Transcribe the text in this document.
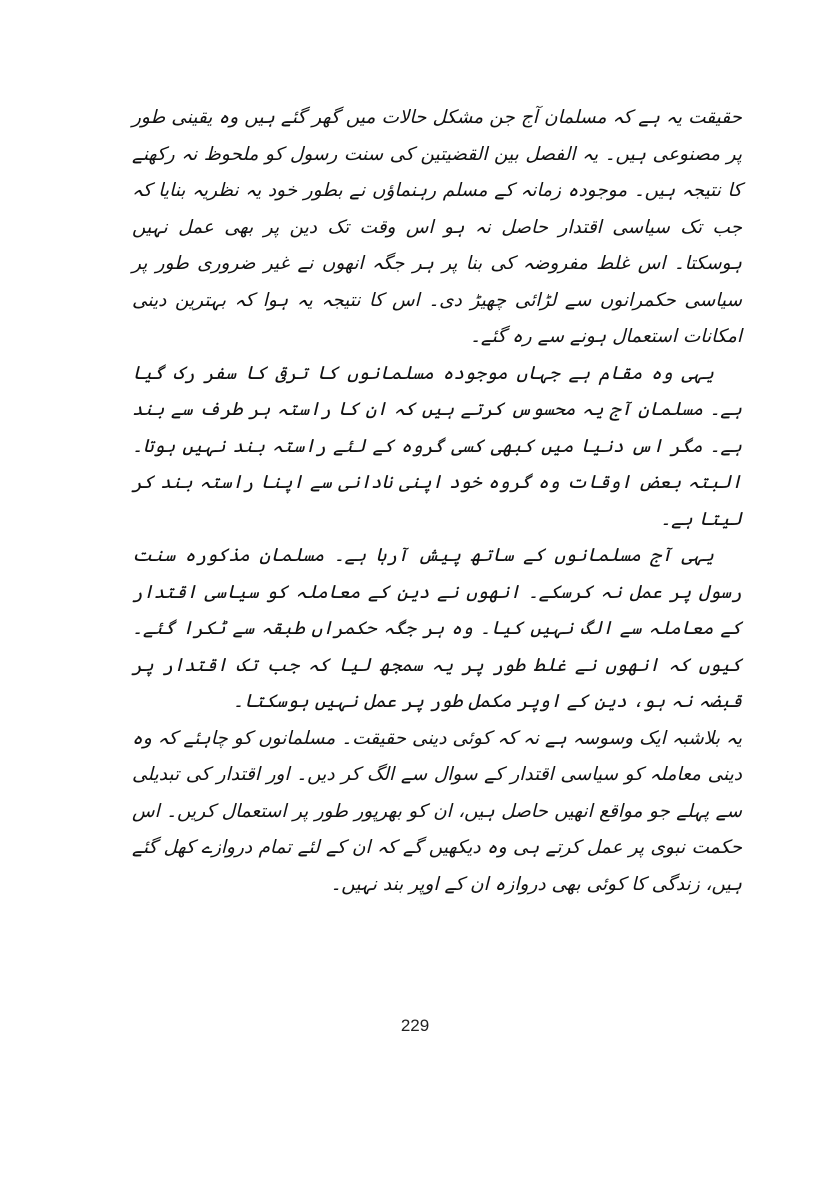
حقیقت یہ ہے کہ مسلمان آج جن مشکل حالات میں گھر گئے ہیں وہ یقینی طور پر مصنوعی ہیں۔ یہ الفصل بین القضیتین کی سنت رسول کو ملحوظ نہ رکھنے کا نتیجہ ہیں۔ موجودہ زمانہ کے مسلم رہنماؤں نے بطور خود یہ نظریہ بنایا کہ جب تک سیاسی اقتدار حاصل نہ ہو اس وقت تک دین پر بھی عمل نہیں ہوسکتا۔ اس غلط مفروضہ کی بنا پر ہر جگہ انھوں نے غیر ضروری طور پر سیاسی حکمرانوں سے لڑائی چھیڑ دی۔ اس کا نتیجہ یہ ہوا کہ بہترین دینی امکانات استعمال ہونے سے رہ گئے۔

یہی وہ مقام ہے جہاں موجودہ مسلمانوں کا ترقی کا سفر رک گیا ہے۔ مسلمان آج یہ محسوس کرتے ہیں کہ ان کا راستہ ہر طرف سے بند ہے۔ مگر اس دنیا میں کبھی کسی گروہ کے لئے راستہ بند نہیں ہوتا۔ البتہ بعض اوقات وہ گروہ خود اپنی نادانی سے اپنا راستہ بند کر لیتا ہے۔

یہی آج مسلمانوں کے ساتھ پیش آرہا ہے۔ مسلمان مذکورہ سنت رسول پر عمل نہ کرسکے۔ انھوں نے دین کے معاملہ کو سیاسی اقتدار کے معاملہ سے الگ نہیں کیا۔ وہ ہر جگہ حکمراں طبقہ سے ٹکرا گئے۔ کیوں کہ انھوں نے غلط طور پر یہ سمجھ لیا کہ جب تک اقتدار پر قبضہ نہ ہو، دین کے اوپر مکمل طور پر عمل نہیں ہوسکتا۔

یہ بلاشبہ ایک وسوسہ ہے نہ کہ کوئی دینی حقیقت۔ مسلمانوں کو چاہئے کہ وہ دینی معاملہ کو سیاسی اقتدار کے سوال سے الگ کر دیں۔ اور اقتدار کی تبدیلی سے پہلے جو مواقع انھیں حاصل ہیں، ان کو بھرپور طور پر استعمال کریں۔ اس حکمت نبوی پر عمل کرتے ہی وہ دیکھیں گے کہ ان کے لئے تمام دروازے کھل گئے ہیں، زندگی کا کوئی بھی دروازہ ان کے اوپر بند نہیں۔

229
